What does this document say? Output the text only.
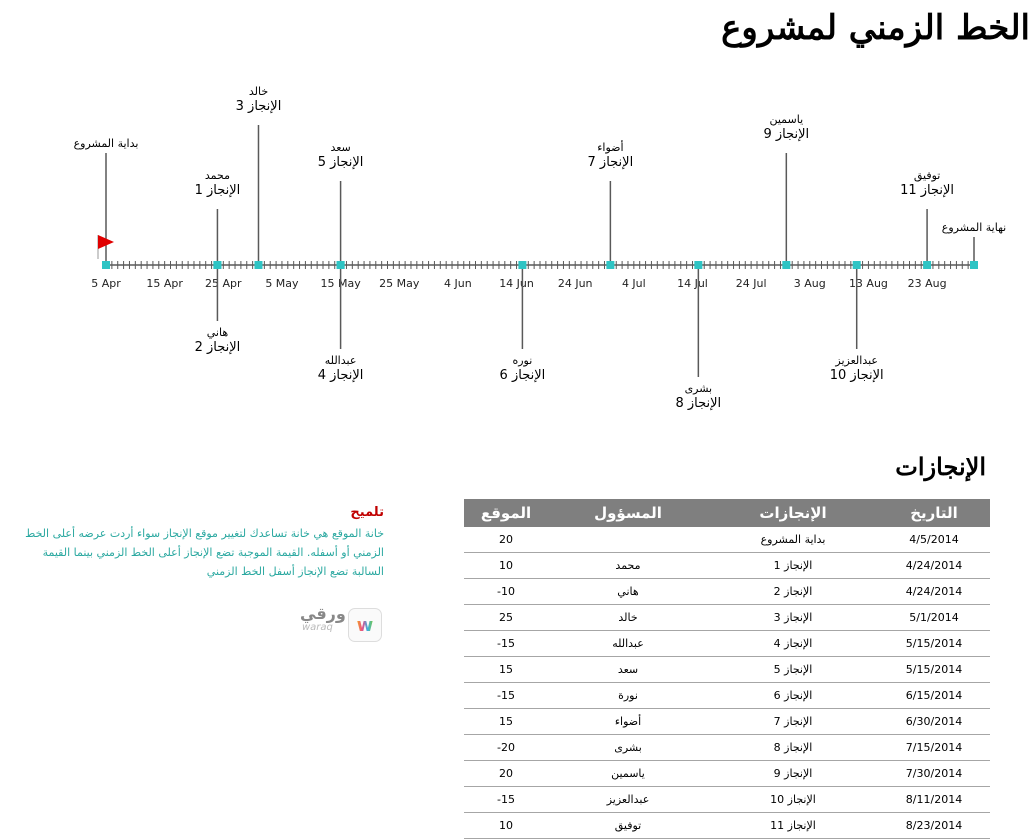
الخط الزمني لمشروع
5 Apr 15 Apr 25 Apr 5 May 15 May 25 May 4 Jun 14 Jun 24 Jun	4 Jul	14 Jul	24 Jul 3 Aug 13 Aug 23 Aug
بداية المشروع
محمد
الإنجاز 1
هاني
الإنجاز 2
خالد
الإنجاز 3
عبدالله
الإنجاز 4
سعد
الإنجاز 5
نوره
الإنجاز 6
أضواء
الإنجاز 7
بشرى
الإنجاز 8
ياسمين
الإنجاز 9
عبدالعزيز
الإنجاز 10
توفيق
الإنجاز 11
نهاية المشروع
الإنجازات
تلميح
خانة الموقع هي خانة تساعدك لتغيير موقع الإنجاز سواء أردت عرضه أعلى الخط الزمني أو أسفله. القيمة الموجبة تضع الإنجاز أعلى الخط الزمني بينما القيمة السالبة تضع الإنجاز أسفل الخط الزمني
ورقي
waraq w
الموقع	المسؤول	الإنجازات	التاريخ
20		بداية المشروع	4/5/2014
10	محمد	الإنجاز 1	4/24/2014
-10	هاني	الإنجاز 2	4/24/2014
25	خالد	الإنجاز 3	5/1/2014
-15	عبدالله	الإنجاز 4	5/15/2014
15	سعد	الإنجاز 5	5/15/2014
-15	نورة	الإنجاز 6	6/15/2014
15	أضواء	الإنجاز 7	6/30/2014
-20	بشرى	الإنجاز 8	7/15/2014
20	ياسمين	الإنجاز 9	7/30/2014
-15	عبدالعزيز	الإنجاز 10	8/11/2014
10	توفيق	الإنجاز 11	8/23/2014
